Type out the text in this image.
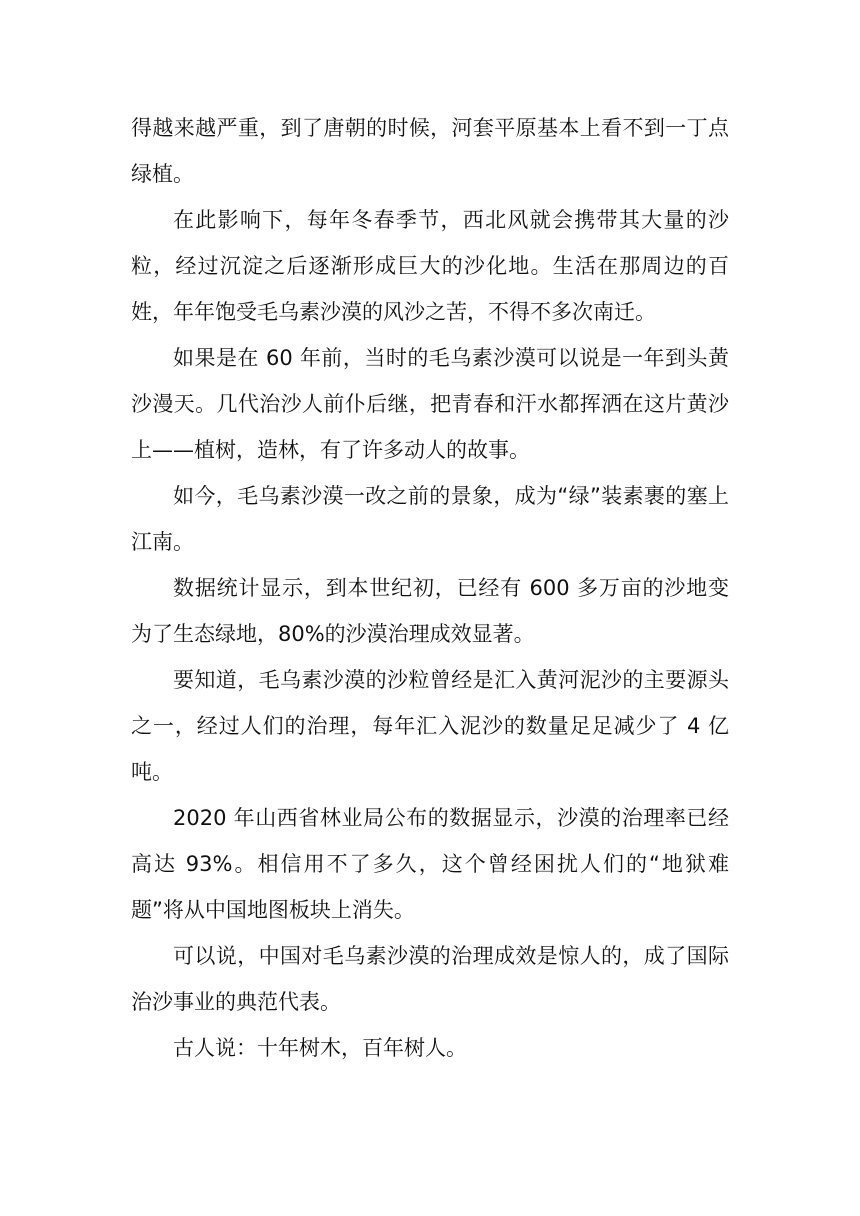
得越来越严重，到了唐朝的时候，河套平原基本上看不到一丁点绿植。

在此影响下，每年冬春季节，西北风就会携带其大量的沙粒，经过沉淀之后逐渐形成巨大的沙化地。生活在那周边的百姓，年年饱受毛乌素沙漠的风沙之苦，不得不多次南迁。

如果是在 60 年前，当时的毛乌素沙漠可以说是一年到头黄沙漫天。几代治沙人前仆后继，把青春和汗水都挥洒在这片黄沙上——植树，造林，有了许多动人的故事。

如今，毛乌素沙漠一改之前的景象，成为“绿”装素裹的塞上江南。

数据统计显示，到本世纪初，已经有 600 多万亩的沙地变为了生态绿地，80%的沙漠治理成效显著。

要知道，毛乌素沙漠的沙粒曾经是汇入黄河泥沙的主要源头之一，经过人们的治理，每年汇入泥沙的数量足足减少了 4 亿吨。

2020 年山西省林业局公布的数据显示，沙漠的治理率已经高达 93%。相信用不了多久，这个曾经困扰人们的“地狱难题”将从中国地图板块上消失。

可以说，中国对毛乌素沙漠的治理成效是惊人的，成了国际治沙事业的典范代表。

古人说：十年树木，百年树人。
